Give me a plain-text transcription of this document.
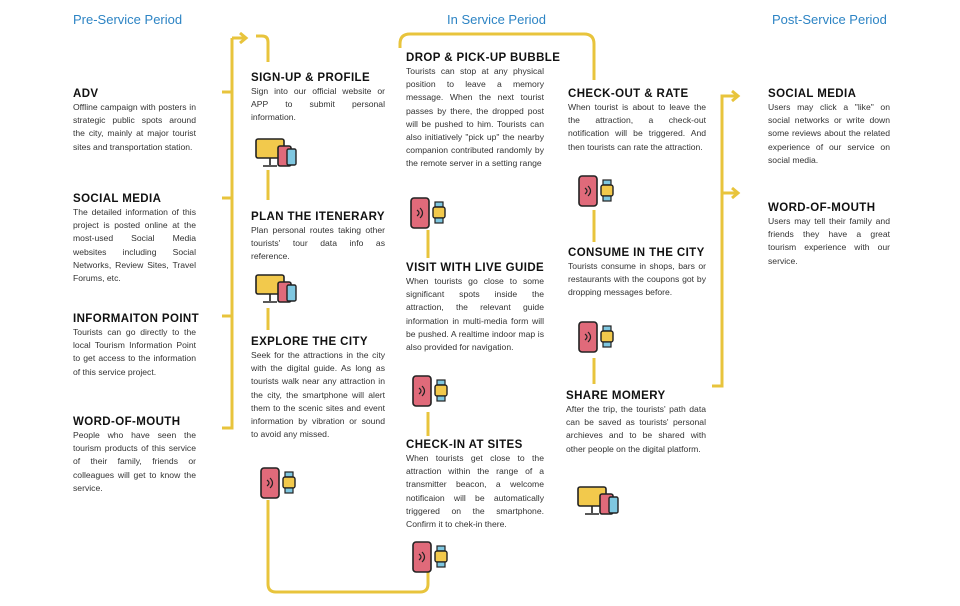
Pre-Service Period	In Service Period	Post-Service Period
ADV
Offline campaign with posters in strategic public spots around the city, mainly at major tourist sites and transportation station.
SOCIAL MEDIA
The detailed information of this project is posted online at the most-used Social Media websites including Social Networks, Review Sites, Travel Forums, etc.
INFORMAITON POINT
Tourists can go directly to the local Tourism Information Point to get access to the information of this service project.
WORD-OF-MOUTH
People who have seen the tourism products of this service of their family, friends or colleagues will get to know the service.
SIGN-UP & PROFILE
Sign into our official website or APP to submit personal information.
PLAN THE ITENERARY
Plan personal routes taking other tourists' tour data info as reference.
EXPLORE THE CITY
Seek for the attractions in the city with the digital guide. As long as tourists walk near any attraction in the city, the smartphone will alert them to the scenic sites and event information by vibration or sound to avoid any missed.
DROP & PICK-UP BUBBLE
Tourists can stop at any physical position to leave a memory message. When the next tourist passes by there, the dropped post will be pushed to him. Tourists can also initiatively "pick up" the nearby companion contributed randomly by the remote server in a setting range
VISIT WITH LIVE GUIDE
When tourists go close to some significant spots inside the attraction, the relevant guide information in multi-media form will be pushed. A realtime indoor map is also provided for navigation.
CHECK-IN AT SITES
When tourists get close to the attraction within the range of a transmitter beacon, a welcome notificaion will be automatically triggered on the smartphone. Confirm it to chek-in there.
CHECK-OUT & RATE
When tourist is about to leave the the attraction, a check-out notification will be triggered. And then tourists can rate the attraction.
CONSUME IN THE CITY
Tourists consume in shops, bars or restaurants with the coupons got by dropping messages before.
SHARE MOMERY
After the trip, the tourists' path data can be saved as tourists' personal archieves and to be shared with other people on the digital platform.
SOCIAL MEDIA
Users may click a "like" on social networks or write down some reviews about the related experience of our service on social media.
WORD-OF-MOUTH
Users may tell their family and friends they have a great tourism experience with our service.
